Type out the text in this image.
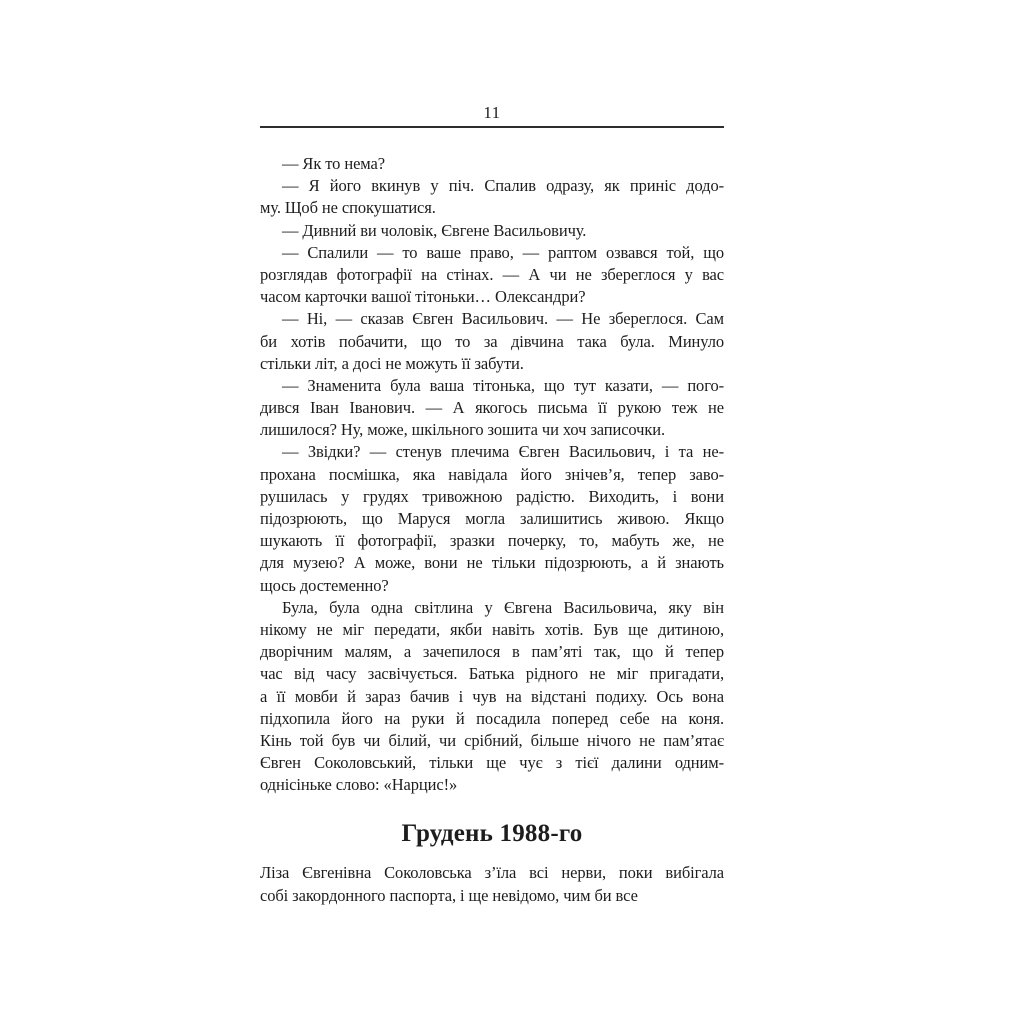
11
— Як то нема?
— Я його вкинув у піч. Спалив одразу, як приніс додо-
му. Щоб не спокушатися.
— Дивний ви чоловік, Євгене Васильовичу.
— Спалили — то ваше право, — раптом озвався той, що
розглядав фотографії на стінах. — А чи не збереглося у вас
часом карточки вашої тітоньки… Олександри?
— Ні, — сказав Євген Васильович. — Не збереглося. Сам
би хотів побачити, що то за дівчина така була. Минуло
стільки літ, а досі не можуть її забути.
— Знаменита була ваша тітонька, що тут казати, — пого-
дився Іван Іванович. — А якогось письма її рукою теж не
лишилося? Ну, може, шкільного зошита чи хоч записочки.
— Звідки? — стенув плечима Євген Васильович, і та не-
прохана посмішка, яка навідала його знічев’я, тепер заво-
рушилась у грудях тривожною радістю. Виходить, і вони
підозрюють, що Маруся могла залишитись живою. Якщо
шукають її фотографії, зразки почерку, то, мабуть же, не
для музею? А може, вони не тільки підозрюють, а й знають
щось достеменно?
Була, була одна світлина у Євгена Васильовича, яку він
нікому не міг передати, якби навіть хотів. Був ще дитиною,
дворічним малям, а зачепилося в пам’яті так, що й тепер
час від часу засвічується. Батька рідного не міг пригадати,
а її мовби й зараз бачив і чув на відстані подиху. Ось вона
підхопила його на руки й посадила поперед себе на коня.
Кінь той був чи білий, чи срібний, більше нічого не пам’ятає
Євген Соколовський, тільки ще чує з тієї далини одним-
однісіньке слово: «Нарцис!»
Грудень 1988-го
Ліза Євгенівна Соколовська з’їла всі нерви, поки вибігала
собі закордонного паспорта, і ще невідомо, чим би все
